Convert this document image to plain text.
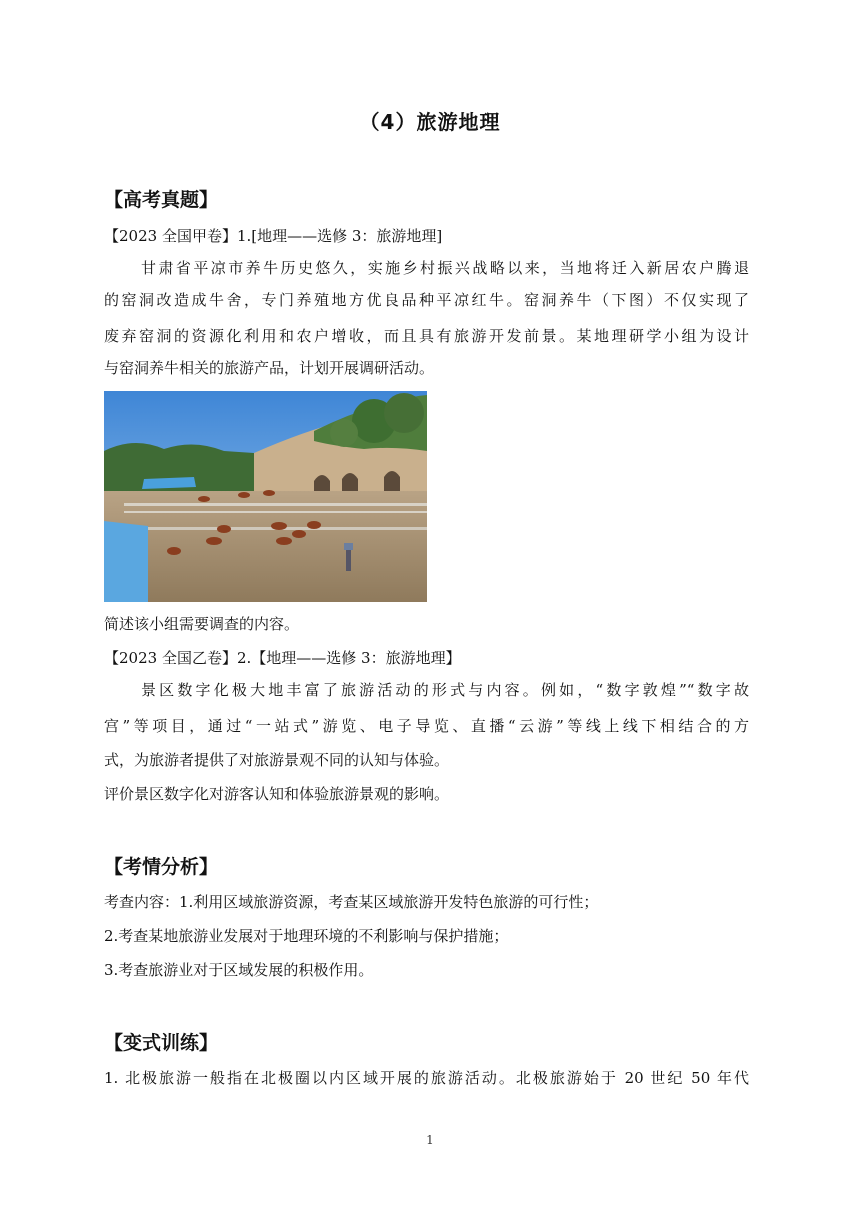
（4）旅游地理
【高考真题】
【2023 全国甲卷】1.[地理——选修 3：旅游地理]
甘肃省平凉市养牛历史悠久，实施乡村振兴战略以来，当地将迁入新居农户腾退
的窑洞改造成牛舍，专门养殖地方优良品种平凉红牛。窑洞养牛（下图）不仅实现了
废弃窑洞的资源化利用和农户增收，而且具有旅游开发前景。某地理研学小组为设计
与窑洞养牛相关的旅游产品，计划开展调研活动。
简述该小组需要调查的内容。
【2023 全国乙卷】2.【地理——选修 3：旅游地理】
景区数字化极大地丰富了旅游活动的形式与内容。例如，“数字敦煌”“数字故
宫”等项目，通过“一站式”游览、电子导览、直播“云游”等线上线下相结合的方
式，为旅游者提供了对旅游景观不同的认知与体验。
评价景区数字化对游客认知和体验旅游景观的影响。
【考情分析】
考查内容：1.利用区域旅游资源，考查某区域旅游开发特色旅游的可行性；
2.考查某地旅游业发展对于地理环境的不利影响与保护措施；
3.考查旅游业对于区域发展的积极作用。
【变式训练】
1. 北极旅游一般指在北极圈以内区域开展的旅游活动。北极旅游始于 20 世纪 50 年代
1
